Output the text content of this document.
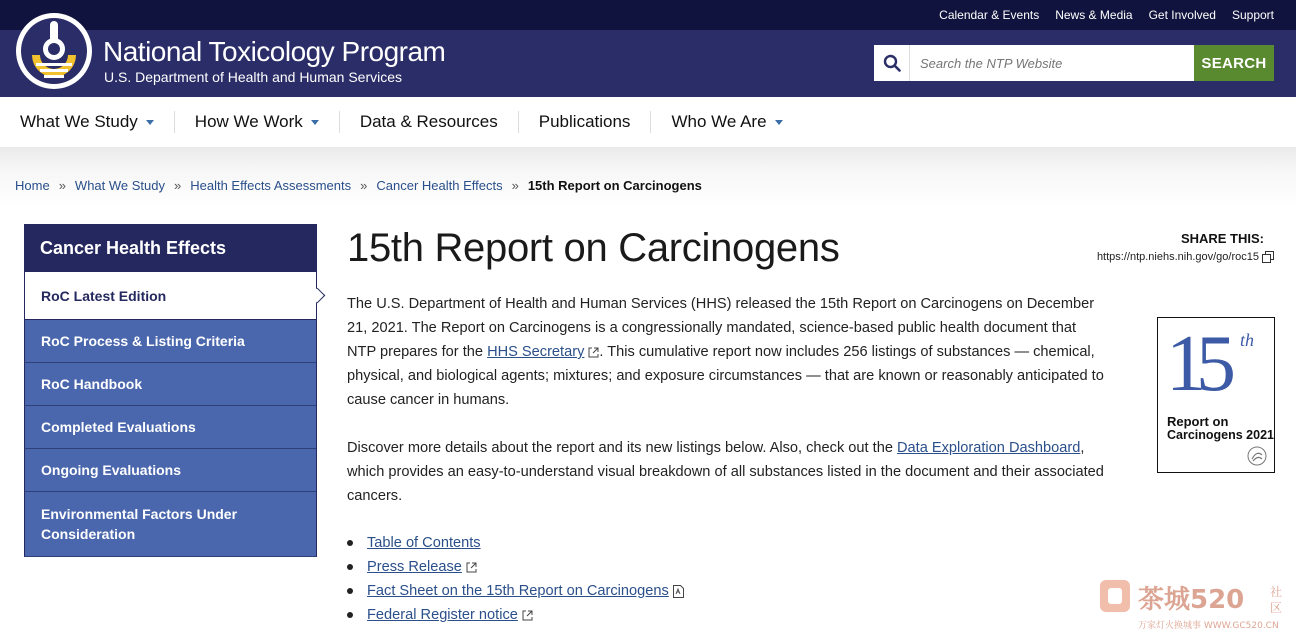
Calendar & Events News & Media Get Involved Support
National Toxicology Program
U.S. Department of Health and Human Services
Search the NTP Website
SEARCH
What We Study	How We Work	Data & Resources Publications Who We Are
Home » What We Study » Health Effects Assessments » Cancer Health Effects » 15th Report on Carcinogens
Cancer Health Effects
RoC Latest Edition
RoC Process & Listing Criteria
RoC Handbook
Completed Evaluations
Ongoing Evaluations
Environmental Factors Under Consideration
15th Report on Carcinogens	SHARE THIS:
https://ntp.niehs.nih.gov/go/roc15
The U.S. Department of Health and Human Services (HHS) released the 15th Report on Carcinogens on December 21, 2021. The Report on Carcinogens is a congressionally mandated, science-based public health document that NTP prepares for the HHS Secretary . This cumulative report now includes 256 listings of substances — chemical, physical, and biological agents; mixtures; and exposure circumstances — that are known or reasonably anticipated to cause cancer in humans.
Discover more details about the report and its new listings below. Also, check out the Data Exploration Dashboard, which provides an easy-to-understand visual breakdown of all substances listed in the document and their associated cancers.
15 th
Report on
Carcinogens 2021
Table of Contents
Press Release
Fact Sheet on the 15th Report on Carcinogens
Federal Register notice	茶城520
万家灯火换城事 WWW.GC520.CN
社
区
